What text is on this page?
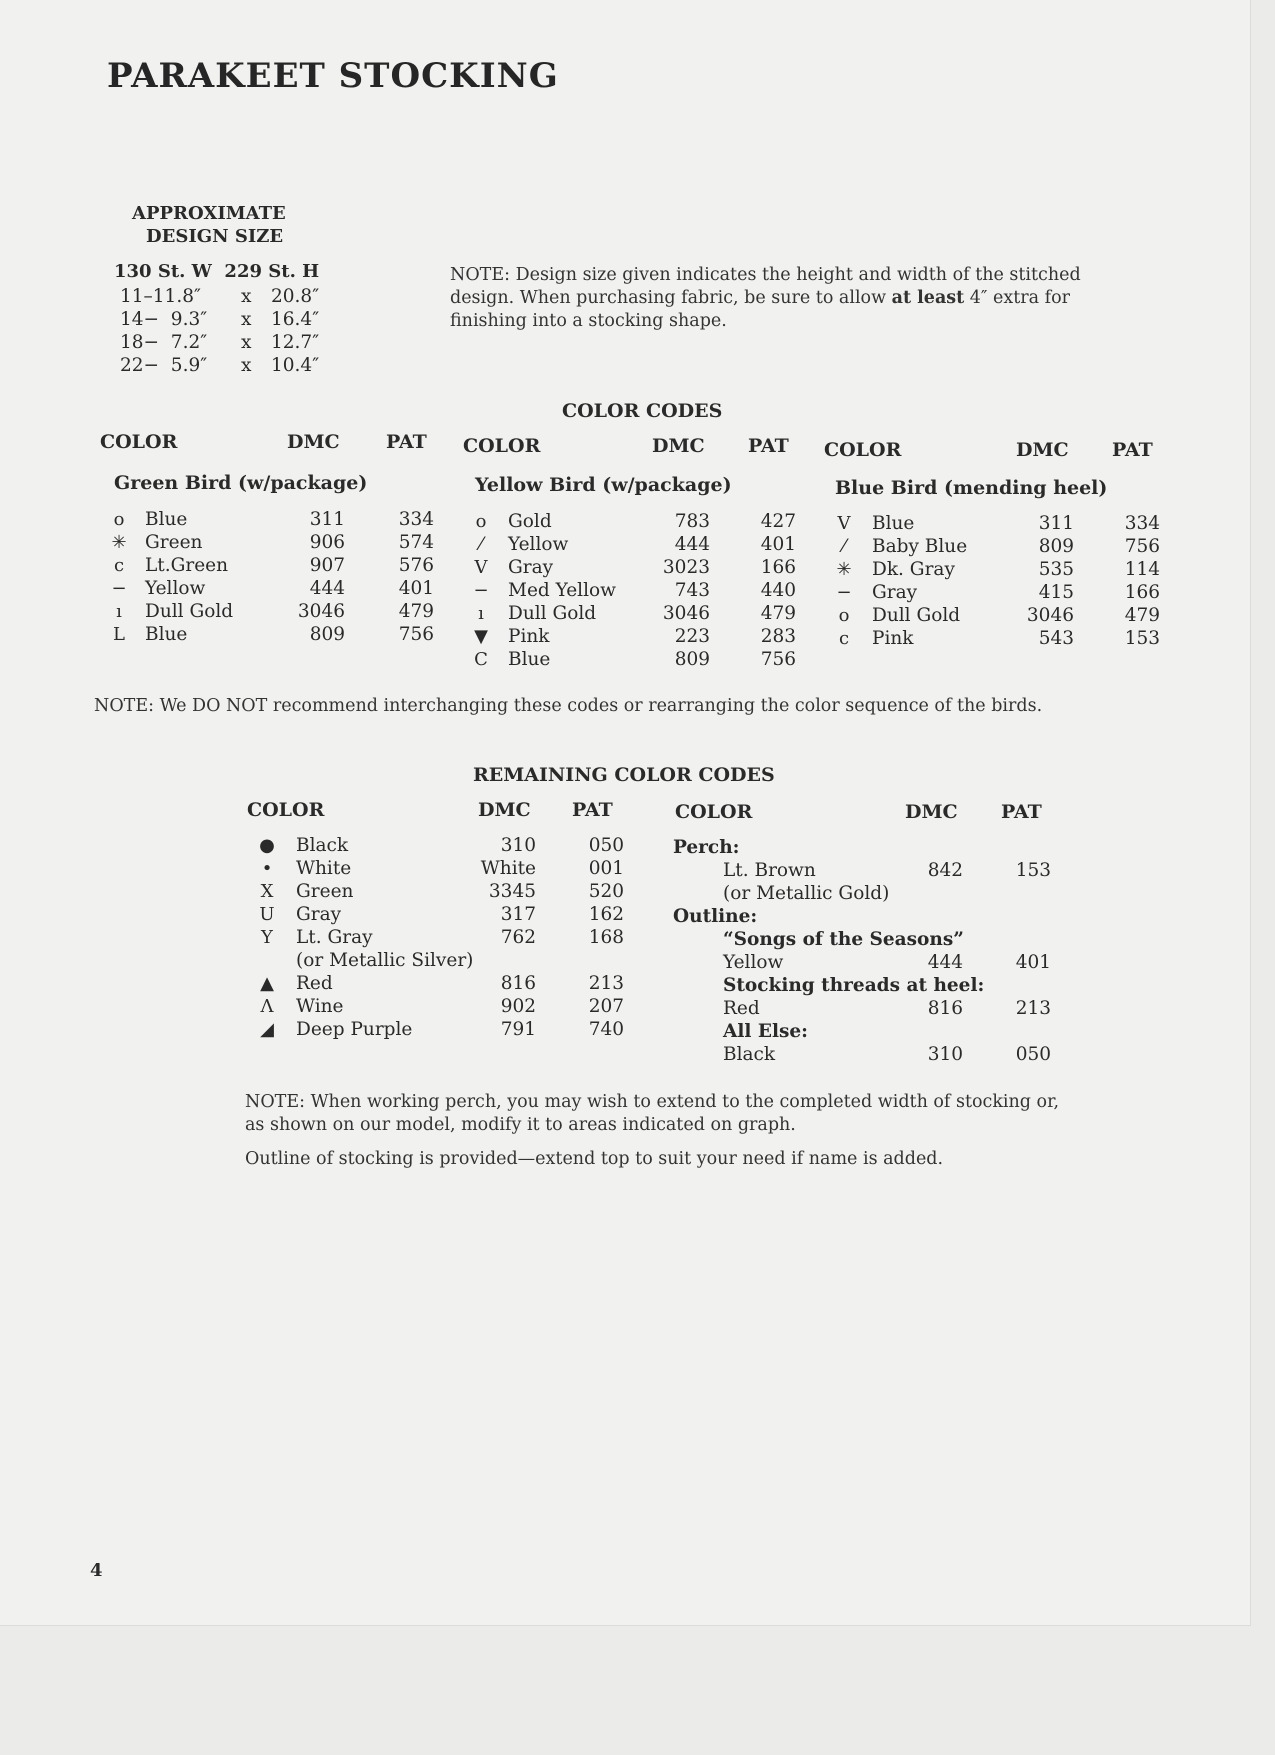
PARAKEET STOCKING
APPROXIMATE
DESIGN SIZE
130 St. W  229 St. H
11–11.8″ x 20.8″
14−  9.3″ x 16.4″
18−  7.2″ x 12.7″
22−  5.9″ x 10.4″
NOTE: Design size given indicates the height and width of the stitched design. When purchasing fabric, be sure to allow at least 4″ extra for finishing into a stocking shape.
COLOR CODES
COLOR	DMC PAT
Green Bird (w/package)
o	Blue	311	334
✳ Green	906	574
c	Lt.Green	907	576
− Yellow	444	401
ı	Dull Gold	3046	479
L Blue	809	756
COLOR	DMC PAT
Yellow Bird (w/package)
o	Gold	783	427
⁄	Yellow	444	401
V Gray	3023	166
− Med Yellow	743	440
ı	Dull Gold	3046	479
▼ Pink	223	283
C Blue	809	756
COLOR	DMC PAT
Blue Bird (mending heel)
V Blue	311	334
⁄	Baby Blue	809	756
✳ Dk. Gray	535	114
− Gray	415	166
o	Dull Gold	3046	479
c	Pink	543	153
NOTE: We DO NOT recommend interchanging these codes or rearranging the color sequence of the birds.
REMAINING COLOR CODES
COLOR	DMC PAT	COLOR	DMC PAT
● Black	310	050
•	White	White	001
X Green	3345	520
U Gray	317	162
Y Lt. Gray	762	168
(or Metallic Silver)
▲ Red	816	213
Λ Wine	902	207
◢ Deep Purple	791	740
Perch:
Lt. Brown	842	153
(or Metallic Gold)
Outline:
“Songs of the Seasons”
Yellow	444	401
Stocking threads at heel:
Red	816	213
All Else:
Black	310	050
NOTE: When working perch, you may wish to extend to the completed width of stocking or, as shown on our model, modify it to areas indicated on graph.
Outline of stocking is provided—extend top to suit your need if name is added.
4
